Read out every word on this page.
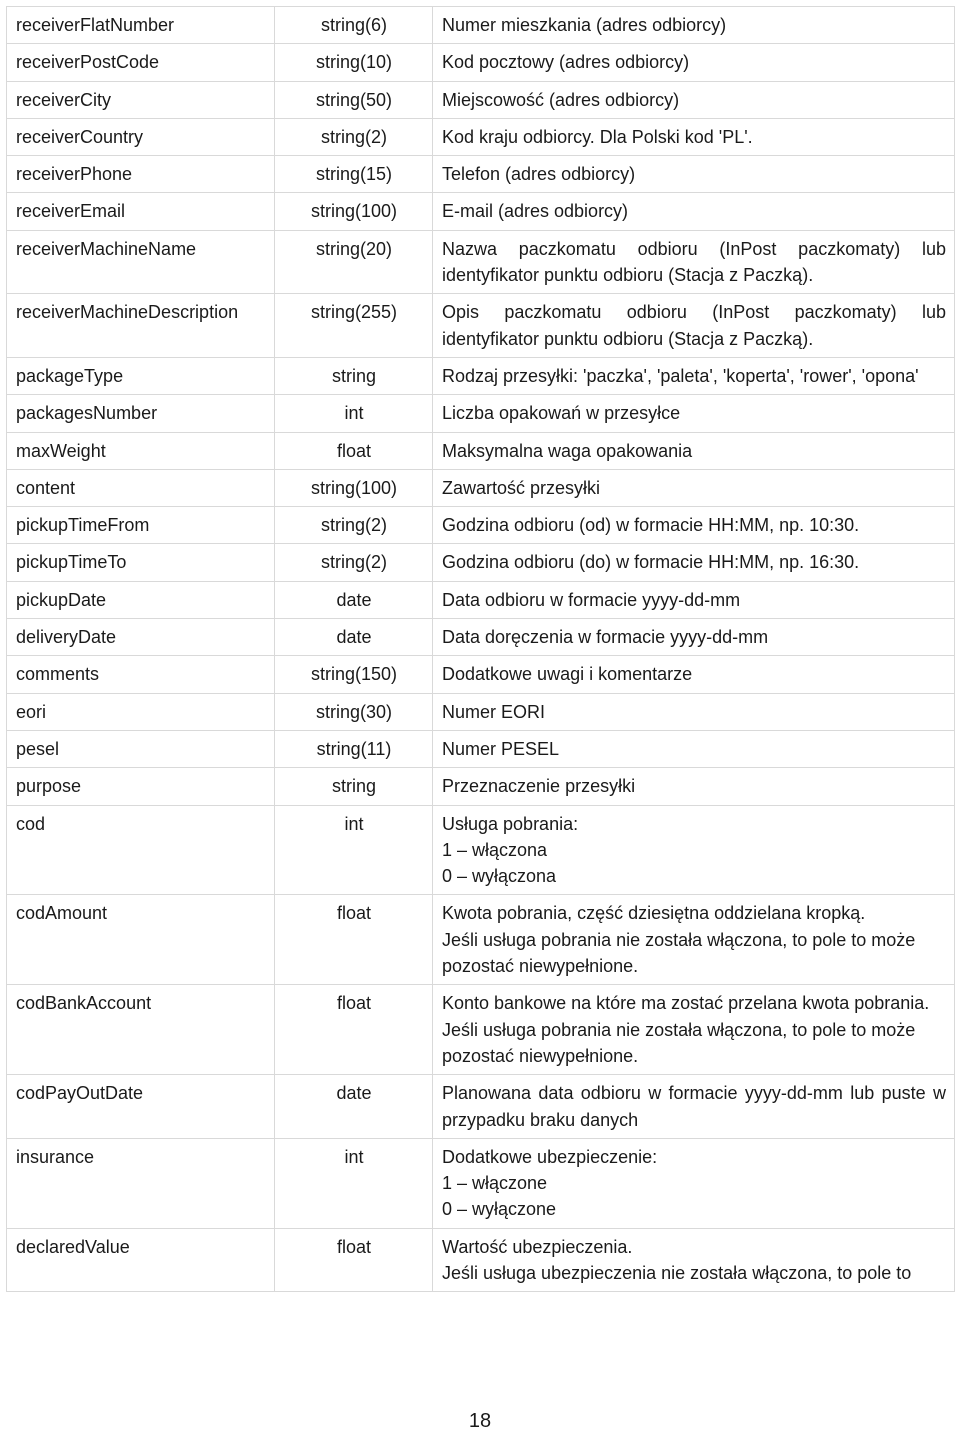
receiverFlatNumber	string(6)	Numer mieszkania (adres odbiorcy)
receiverPostCode	string(10)	Kod pocztowy (adres odbiorcy)
receiverCity	string(50)	Miejscowość (adres odbiorcy)
receiverCountry	string(2)	Kod kraju odbiorcy. Dla Polski kod 'PL'.
receiverPhone	string(15)	Telefon (adres odbiorcy)
receiverEmail	string(100)	E-mail (adres odbiorcy)
receiverMachineName	string(20)	Nazwa paczkomatu odbioru (InPost paczkomaty) lub identyfikator punktu odbioru (Stacja z Paczką).
receiverMachineDescription	string(255)	Opis paczkomatu odbioru (InPost paczkomaty) lub identyfikator punktu odbioru (Stacja z Paczką).
packageType	string	Rodzaj przesyłki: 'paczka', 'paleta', 'koperta', 'rower', 'opona'
packagesNumber	int	Liczba opakowań w przesyłce
maxWeight	float	Maksymalna waga opakowania
content	string(100)	Zawartość przesyłki
pickupTimeFrom	string(2)	Godzina odbioru (od) w formacie HH:MM, np. 10:30.
pickupTimeTo	string(2)	Godzina odbioru (do) w formacie HH:MM, np. 16:30.
pickupDate	date	Data odbioru w formacie yyyy-dd-mm
deliveryDate	date	Data doręczenia w formacie yyyy-dd-mm
comments	string(150)	Dodatkowe uwagi i komentarze
eori	string(30)	Numer EORI
pesel	string(11)	Numer PESEL
purpose	string	Przeznaczenie przesyłki
cod	int	Usługa pobrania:
1 – włączona
0 – wyłączona

codAmount	float	Kwota pobrania, część dziesiętna oddzielana kropką.
Jeśli usługa pobrania nie została włączona, to pole to może pozostać niewypełnione.

codBankAccount	float	Konto bankowe na które ma zostać przelana kwota pobrania.
Jeśli usługa pobrania nie została włączona, to pole to może pozostać niewypełnione.

codPayOutDate	date	Planowana data odbioru w formacie yyyy-dd-mm lub puste w przypadku braku danych
insurance	int	Dodatkowe ubezpieczenie:
1 – włączone
0 – wyłączone

declaredValue	float	Wartość ubezpieczenia.
Jeśli usługa ubezpieczenia nie została włączona, to pole to
18
